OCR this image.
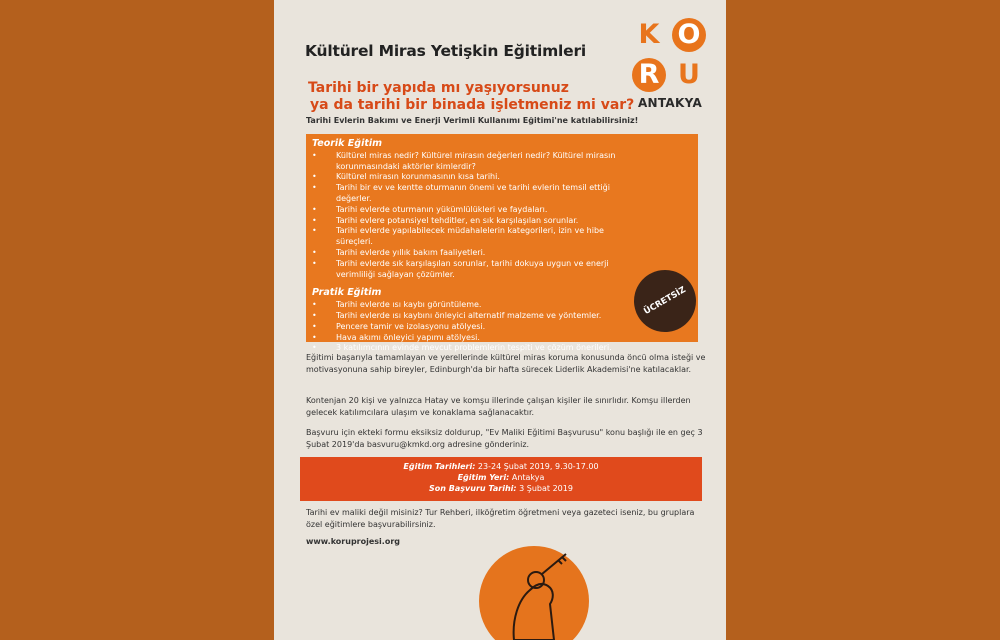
Kültürel Miras Yetişkin Eğitimleri
K O
R U
ANTAKYA
Tarihi bir yapıda mı yaşıyorsunuz
ya da tarihi bir binada işletmeniz mi var?
Tarihi Evlerin Bakımı ve Enerji Verimli Kullanımı Eğitimi'ne katılabilirsiniz!
Teorik Eğitim
• Kültürel miras nedir? Kültürel mirasın değerleri nedir? Kültürel mirasın korunmasındaki aktörler kimlerdir?
• Kültürel mirasın korunmasının kısa tarihi.
• Tarihi bir ev ve kentte oturmanın önemi ve tarihi evlerin temsil ettiği değerler.
• Tarihi evlerde oturmanın yükümlülükleri ve faydaları.
• Tarihi evlere potansiyel tehditler, en sık karşılaşılan sorunlar.
• Tarihi evlerde yapılabilecek müdahalelerin kategorileri, izin ve hibe süreçleri.
• Tarihi evlerde yıllık bakım faaliyetleri.
• Tarihi evlerde sık karşılaşılan sorunlar, tarihi dokuya uygun ve enerji verimliliği sağlayan çözümler.
Pratik Eğitim
• Tarihi evlerde ısı kaybı görüntüleme.
• Tarihi evlerde ısı kaybını önleyici alternatif malzeme ve yöntemler.
• Pencere tamir ve izolasyonu atölyesi.
• Hava akımı önleyici yapımı atölyesi.
• 3 katılımcının evinde mevcut problemlerin tespiti ve çözüm önerileri.
ÜCRETSİZ
Eğitimi başarıyla tamamlayan ve yerellerinde kültürel miras koruma konusunda öncü olma isteği ve motivasyonuna sahip bireyler, Edinburgh'da bir hafta sürecek Liderlik Akademisi'ne katılacaklar.
Kontenjan 20 kişi ve yalnızca Hatay ve komşu illerinde çalışan kişiler ile sınırlıdır. Komşu illerden gelecek katılımcılara ulaşım ve konaklama sağlanacaktır.
Başvuru için ekteki formu eksiksiz doldurup, "Ev Maliki Eğitimi Başvurusu" konu başlığı ile en geç 3 Şubat 2019'da basvuru@kmkd.org adresine gönderiniz.
Eğitim Tarihleri: 23-24 Şubat 2019, 9.30-17.00
Eğitim Yeri: Antakya
Son Başvuru Tarihi: 3 Şubat 2019
Tarihi ev maliki değil misiniz? Tur Rehberi, ilköğretim öğretmeni veya gazeteci iseniz, bu gruplara özel eğitimlere başvurabilirsiniz.
www.koruprojesi.org
